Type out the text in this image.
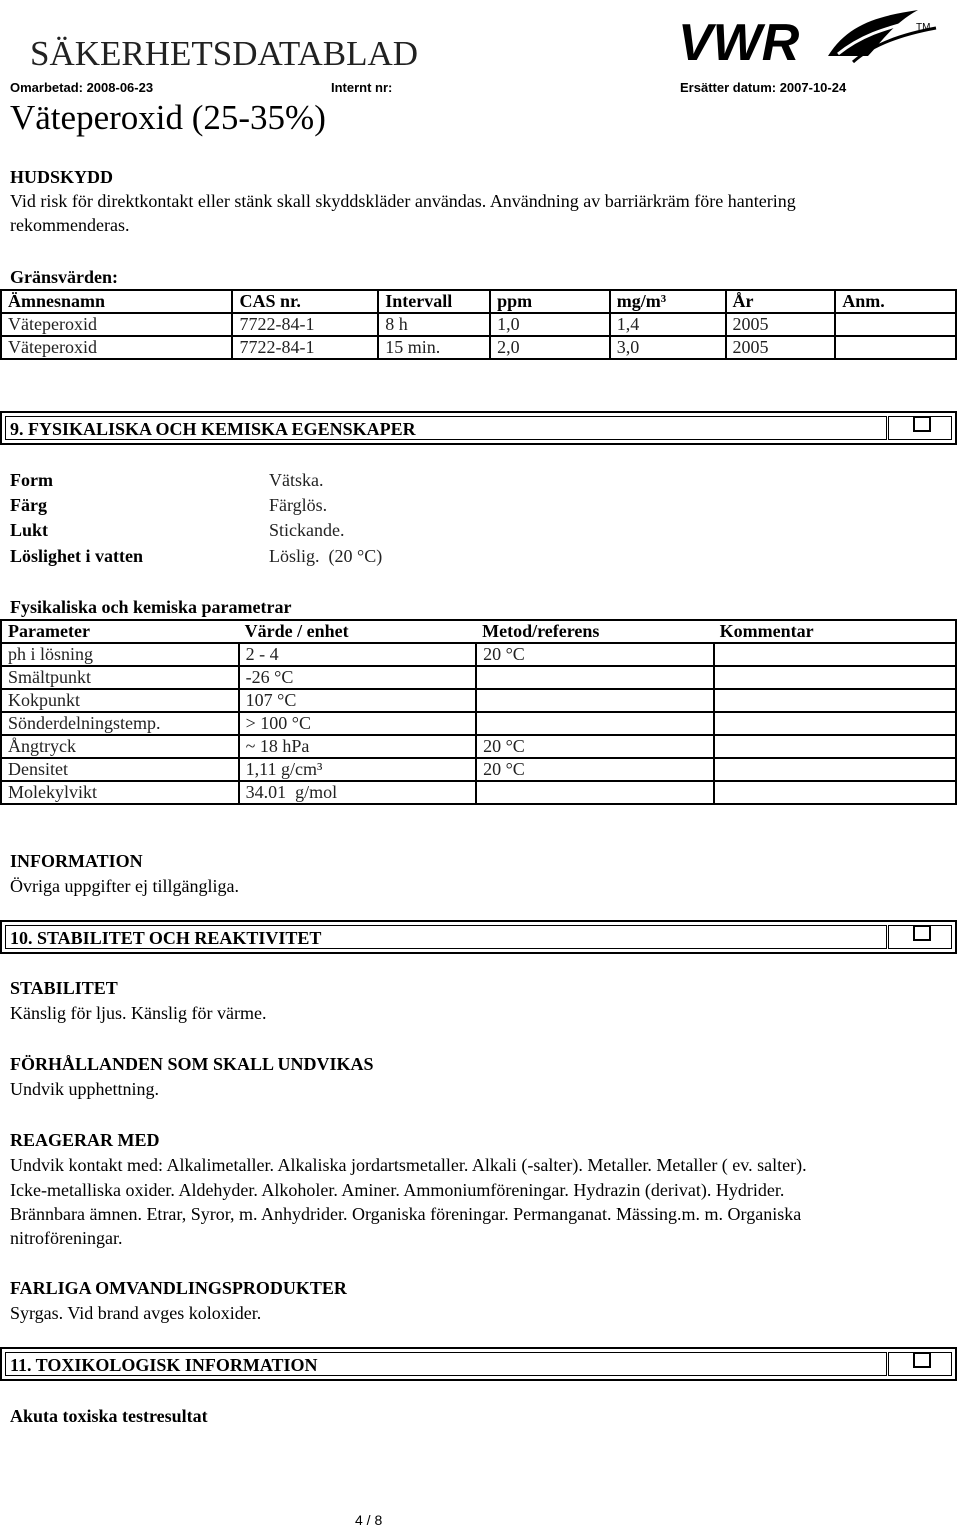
SÄKERHETSDATABLAD
Omarbetad: 2008-06-23	Internt nr:	Ersätter datum: 2007-10-24
Väteperoxid (25-35%)
VWR	TM
HUDSKYDD
Vid risk för direktkontakt eller stänk skall skyddskläder användas. Användning av barriärkräm före hantering
rekommenderas.
Gränsvärden:
Ämnesnamn	CAS nr.	Intervall	ppm	mg/m³	År	Anm.
Väteperoxid	7722-84-1	8 h	1,0	1,4	2005	
Väteperoxid	7722-84-1	15 min.	2,0	3,0	2005	
9. FYSIKALISKA OCH KEMISKA EGENSKAPER
Form	Vätska.
Färg	Färglös.
Lukt	Stickande.
Löslighet i vatten	Löslig.  (20 °C)
Fysikaliska och kemiska parametrar
Parameter	Värde / enhet	Metod/referens	Kommentar
ph i lösning	2 - 4	20 °C	
Smältpunkt	-26 °C		
Kokpunkt	107 °C		
Sönderdelningstemp.	> 100 °C		
Ångtryck	~ 18 hPa	20 °C	
Densitet	1,11 g/cm³	20 °C	
Molekylvikt	34.01  g/mol		
INFORMATION
Övriga uppgifter ej tillgängliga.
10. STABILITET OCH REAKTIVITET
STABILITET
Känslig för ljus. Känslig för värme.
FÖRHÅLLANDEN SOM SKALL UNDVIKAS
Undvik upphettning.
REAGERAR MED
Undvik kontakt med: Alkalimetaller. Alkaliska jordartsmetaller. Alkali (-salter). Metaller. Metaller ( ev. salter).
Icke-metalliska oxider. Aldehyder. Alkoholer. Aminer. Ammoniumföreningar. Hydrazin (derivat). Hydrider.
Brännbara ämnen. Etrar, Syror, m. Anhydrider. Organiska föreningar. Permanganat. Mässing.m. m. Organiska
nitroföreningar.
FARLIGA OMVANDLINGSPRODUKTER
Syrgas. Vid brand avges koloxider.
11. TOXIKOLOGISK INFORMATION
Akuta toxiska testresultat
4 / 8
